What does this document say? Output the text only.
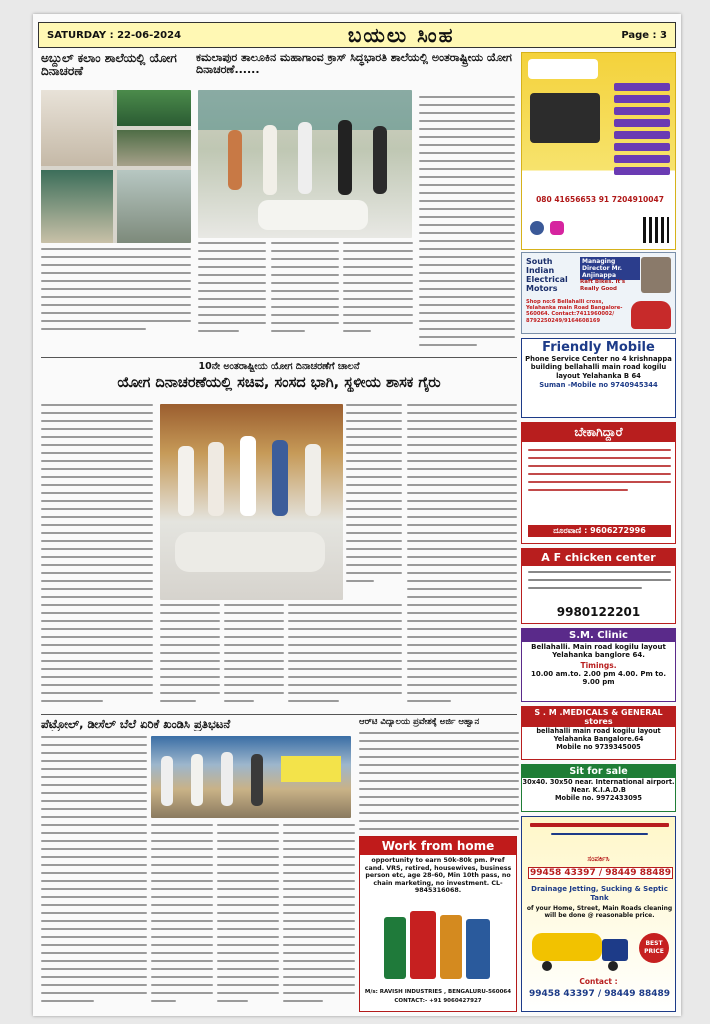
SATURDAY : 22-06-2024	ಬಯಲು ಸಿಂಹ	Page : 3
ಅಬ್ದುಲ್ ಕಲಾಂ ಶಾಲೆಯಲ್ಲಿ ಯೋಗ ದಿನಾಚರಣೆ
ಕಮಲಾಪುರ ತಾಲೂಕಿನ ಮಹಾಗಾಂವ ಕ್ರಾಸ್ ಸಿದ್ಧಭಾರತಿ ಶಾಲೆಯಲ್ಲಿ ಅಂತರಾಷ್ಟ್ರೀಯ ಯೋಗ ದಿನಾಚರಣೆ......
10ನೇ ಅಂತರಾಷ್ಟ್ರೀಯ ಯೋಗ ದಿನಾಚರಣೆಗೆ ಚಾಲನೆ
ಯೋಗ ದಿನಾಚರಣೆಯಲ್ಲಿ ಸಚಿವ, ಸಂಸದ ಭಾಗಿ, ಸ್ಥಳೀಯ ಶಾಸಕ ಗೈರು
ಪೆಟ್ರೋಲ್, ಡೀಸೆಲ್ ಬೆಲೆ ಏರಿಕೆ ಖಂಡಿಸಿ ಪ್ರತಿಭಟನೆ	ಆರ್‌ಟಿ ವಿದ್ಯಾಲಯ ಪ್ರವೇಶಕ್ಕೆ ಅರ್ಜಿ ಆಹ್ವಾನ
Work from home
opportunity to earn 50k-80k pm. Pref cand. VRS, retired, housewives, business person etc, age 28-60, Min 10th pass, no chain marketing, no investment. CL- 9845316068.
M/s: RAVISH INDUSTRIES , BENGALURU-560064
CONTACT:- +91 9060427927
080 41656653 91 7204910047
South Indian Electrical Motors
Managing Director Mr. Anjinappa
Raft Bikes. It's Really Good
Shop no:6 Bellahalli cross, Yelahanka main Road Bangalore-560064. Contact:7411960002/ 8792250249/9164608169
Friendly Mobile
Phone Service Center no 4 krishnappa building bellahalli main road kogilu layout Yelahanka B 64
Suman -Mobile no 9740945344
ಬೇಕಾಗಿದ್ದಾರೆ
ದೂರವಾಣಿ : 9606272996
A F chicken center
9980122201
S.M. Clinic
Bellahalli. Main road kogilu layout Yelahanka banglore 64.
Timings.
10.00 am.to. 2.00 pm 4.00. Pm to. 9.00 pm
S . M .MEDICALS & GENERAL stores
bellahalli main road kogilu layout Yelahanka Bangalore.64
Mobile no 9739345005
Sit for sale
30x40. 30x50 near. International airport. Near. K.I.A.D.B
Mobile no. 9972433095
ಸಂಪರ್ಕಿಸಿ
99458 43397 / 98449 88489
Drainage Jetting, Sucking & Septic Tank
of your Home, Street, Main Roads cleaning will be done @ reasonable price.
BEST PRICE
Contact :
99458 43397 / 98449 88489
